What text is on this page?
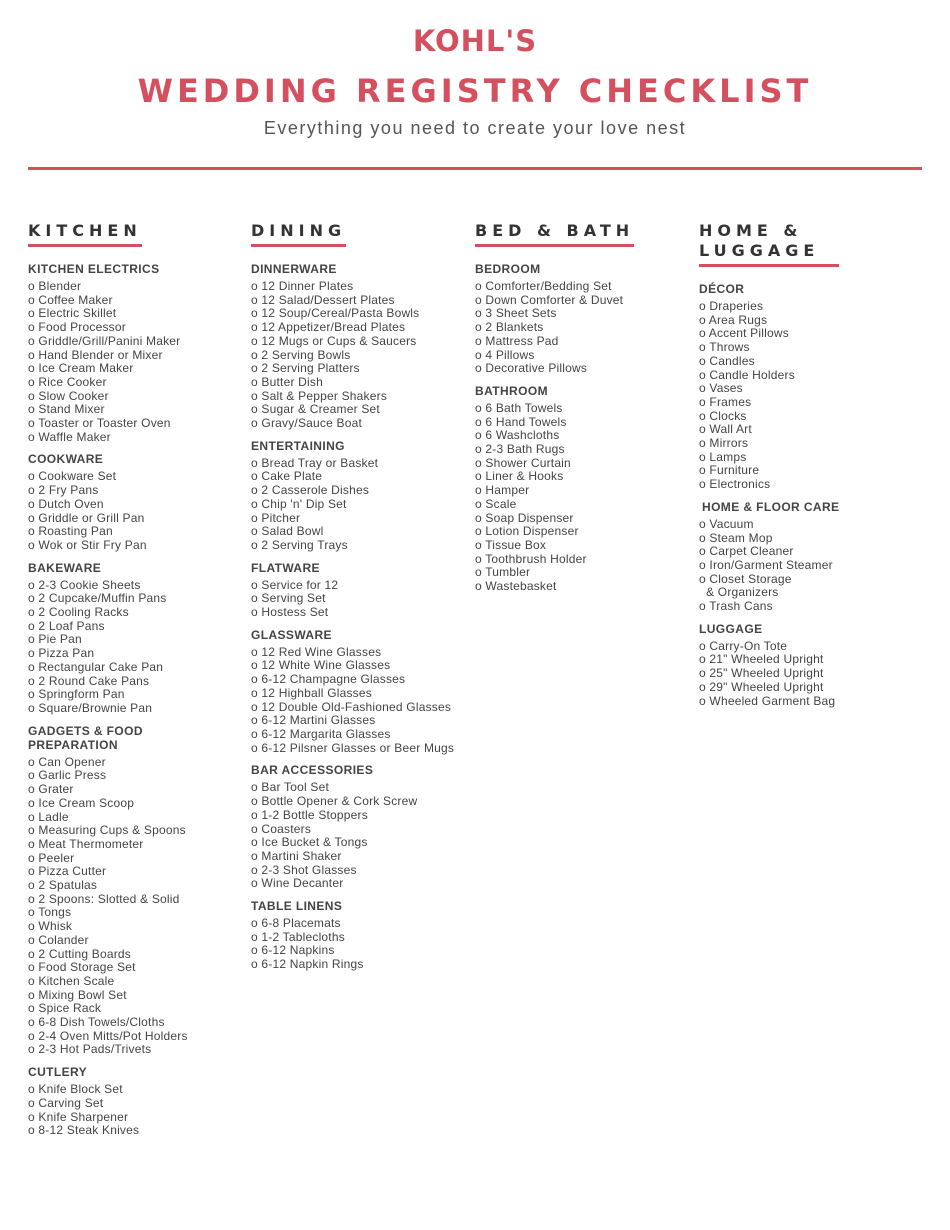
KOHL'S
WEDDING REGISTRY CHECKLIST
Everything you need to create your love nest
KITCHEN
KITCHEN ELECTRICS
o Blender
o Coffee Maker
o Electric Skillet
o Food Processor
o Griddle/Grill/Panini Maker
o Hand Blender or Mixer
o Ice Cream Maker
o Rice Cooker
o Slow Cooker
o Stand Mixer
o Toaster or Toaster Oven
o Waffle Maker
COOKWARE
o Cookware Set
o 2 Fry Pans
o Dutch Oven
o Griddle or Grill Pan
o Roasting Pan
o Wok or Stir Fry Pan
BAKEWARE
o 2-3 Cookie Sheets
o 2 Cupcake/Muffin Pans
o 2 Cooling Racks
o 2 Loaf Pans
o Pie Pan
o Pizza Pan
o Rectangular Cake Pan
o 2 Round Cake Pans
o Springform Pan
o Square/Brownie Pan
GADGETS & FOOD PREPARATION
o Can Opener
o Garlic Press
o Grater
o Ice Cream Scoop
o Ladle
o Measuring Cups & Spoons
o Meat Thermometer
o Peeler
o Pizza Cutter
o 2 Spatulas
o 2 Spoons: Slotted & Solid
o Tongs
o Whisk
o Colander
o 2 Cutting Boards
o Food Storage Set
o Kitchen Scale
o Mixing Bowl Set
o Spice Rack
o 6-8 Dish Towels/Cloths
o 2-4 Oven Mitts/Pot Holders
o 2-3 Hot Pads/Trivets
CUTLERY
o Knife Block Set
o Carving Set
o Knife Sharpener
o 8-12 Steak Knives
DINING
DINNERWARE
o 12 Dinner Plates
o 12 Salad/Dessert Plates
o 12 Soup/Cereal/Pasta Bowls
o 12 Appetizer/Bread Plates
o 12 Mugs or Cups & Saucers
o 2 Serving Bowls
o 2 Serving Platters
o Butter Dish
o Salt & Pepper Shakers
o Sugar & Creamer Set
o Gravy/Sauce Boat
ENTERTAINING
o Bread Tray or Basket
o Cake Plate
o 2 Casserole Dishes
o Chip 'n' Dip Set
o Pitcher
o Salad Bowl
o 2 Serving Trays
FLATWARE
o Service for 12
o Serving Set
o Hostess Set
GLASSWARE
o 12 Red Wine Glasses
o 12 White Wine Glasses
o 6-12 Champagne Glasses
o 12 Highball Glasses
o 12 Double Old-Fashioned Glasses
o 6-12 Martini Glasses
o 6-12 Margarita Glasses
o 6-12 Pilsner Glasses or Beer Mugs
BAR ACCESSORIES
o Bar Tool Set
o Bottle Opener & Cork Screw
o 1-2 Bottle Stoppers
o Coasters
o Ice Bucket & Tongs
o Martini Shaker
o 2-3 Shot Glasses
o Wine Decanter
TABLE LINENS
o 6-8 Placemats
o 1-2 Tablecloths
o 6-12 Napkins
o 6-12 Napkin Rings
BED & BATH
BEDROOM
o Comforter/Bedding Set
o Down Comforter & Duvet
o 3 Sheet Sets
o 2 Blankets
o Mattress Pad
o 4 Pillows
o Decorative Pillows
BATHROOM
o 6 Bath Towels
o 6 Hand Towels
o 6 Washcloths
o 2-3 Bath Rugs
o Shower Curtain
o Liner & Hooks
o Hamper
o Scale
o Soap Dispenser
o Lotion Dispenser
o Tissue Box
o Toothbrush Holder
o Tumbler
o Wastebasket
HOME & LUGGAGE
DÉCOR
o Draperies
o Area Rugs
o Accent Pillows
o Throws
o Candles
o Candle Holders
o Vases
o Frames
o Clocks
o Wall Art
o Mirrors
o Lamps
o Furniture
o Electronics
HOME & FLOOR CARE
o Vacuum
o Steam Mop
o Carpet Cleaner
o Iron/Garment Steamer
o Closet Storage
& Organizers
o Trash Cans
LUGGAGE
o Carry-On Tote
o 21" Wheeled Upright
o 25" Wheeled Upright
o 29" Wheeled Upright
o Wheeled Garment Bag
